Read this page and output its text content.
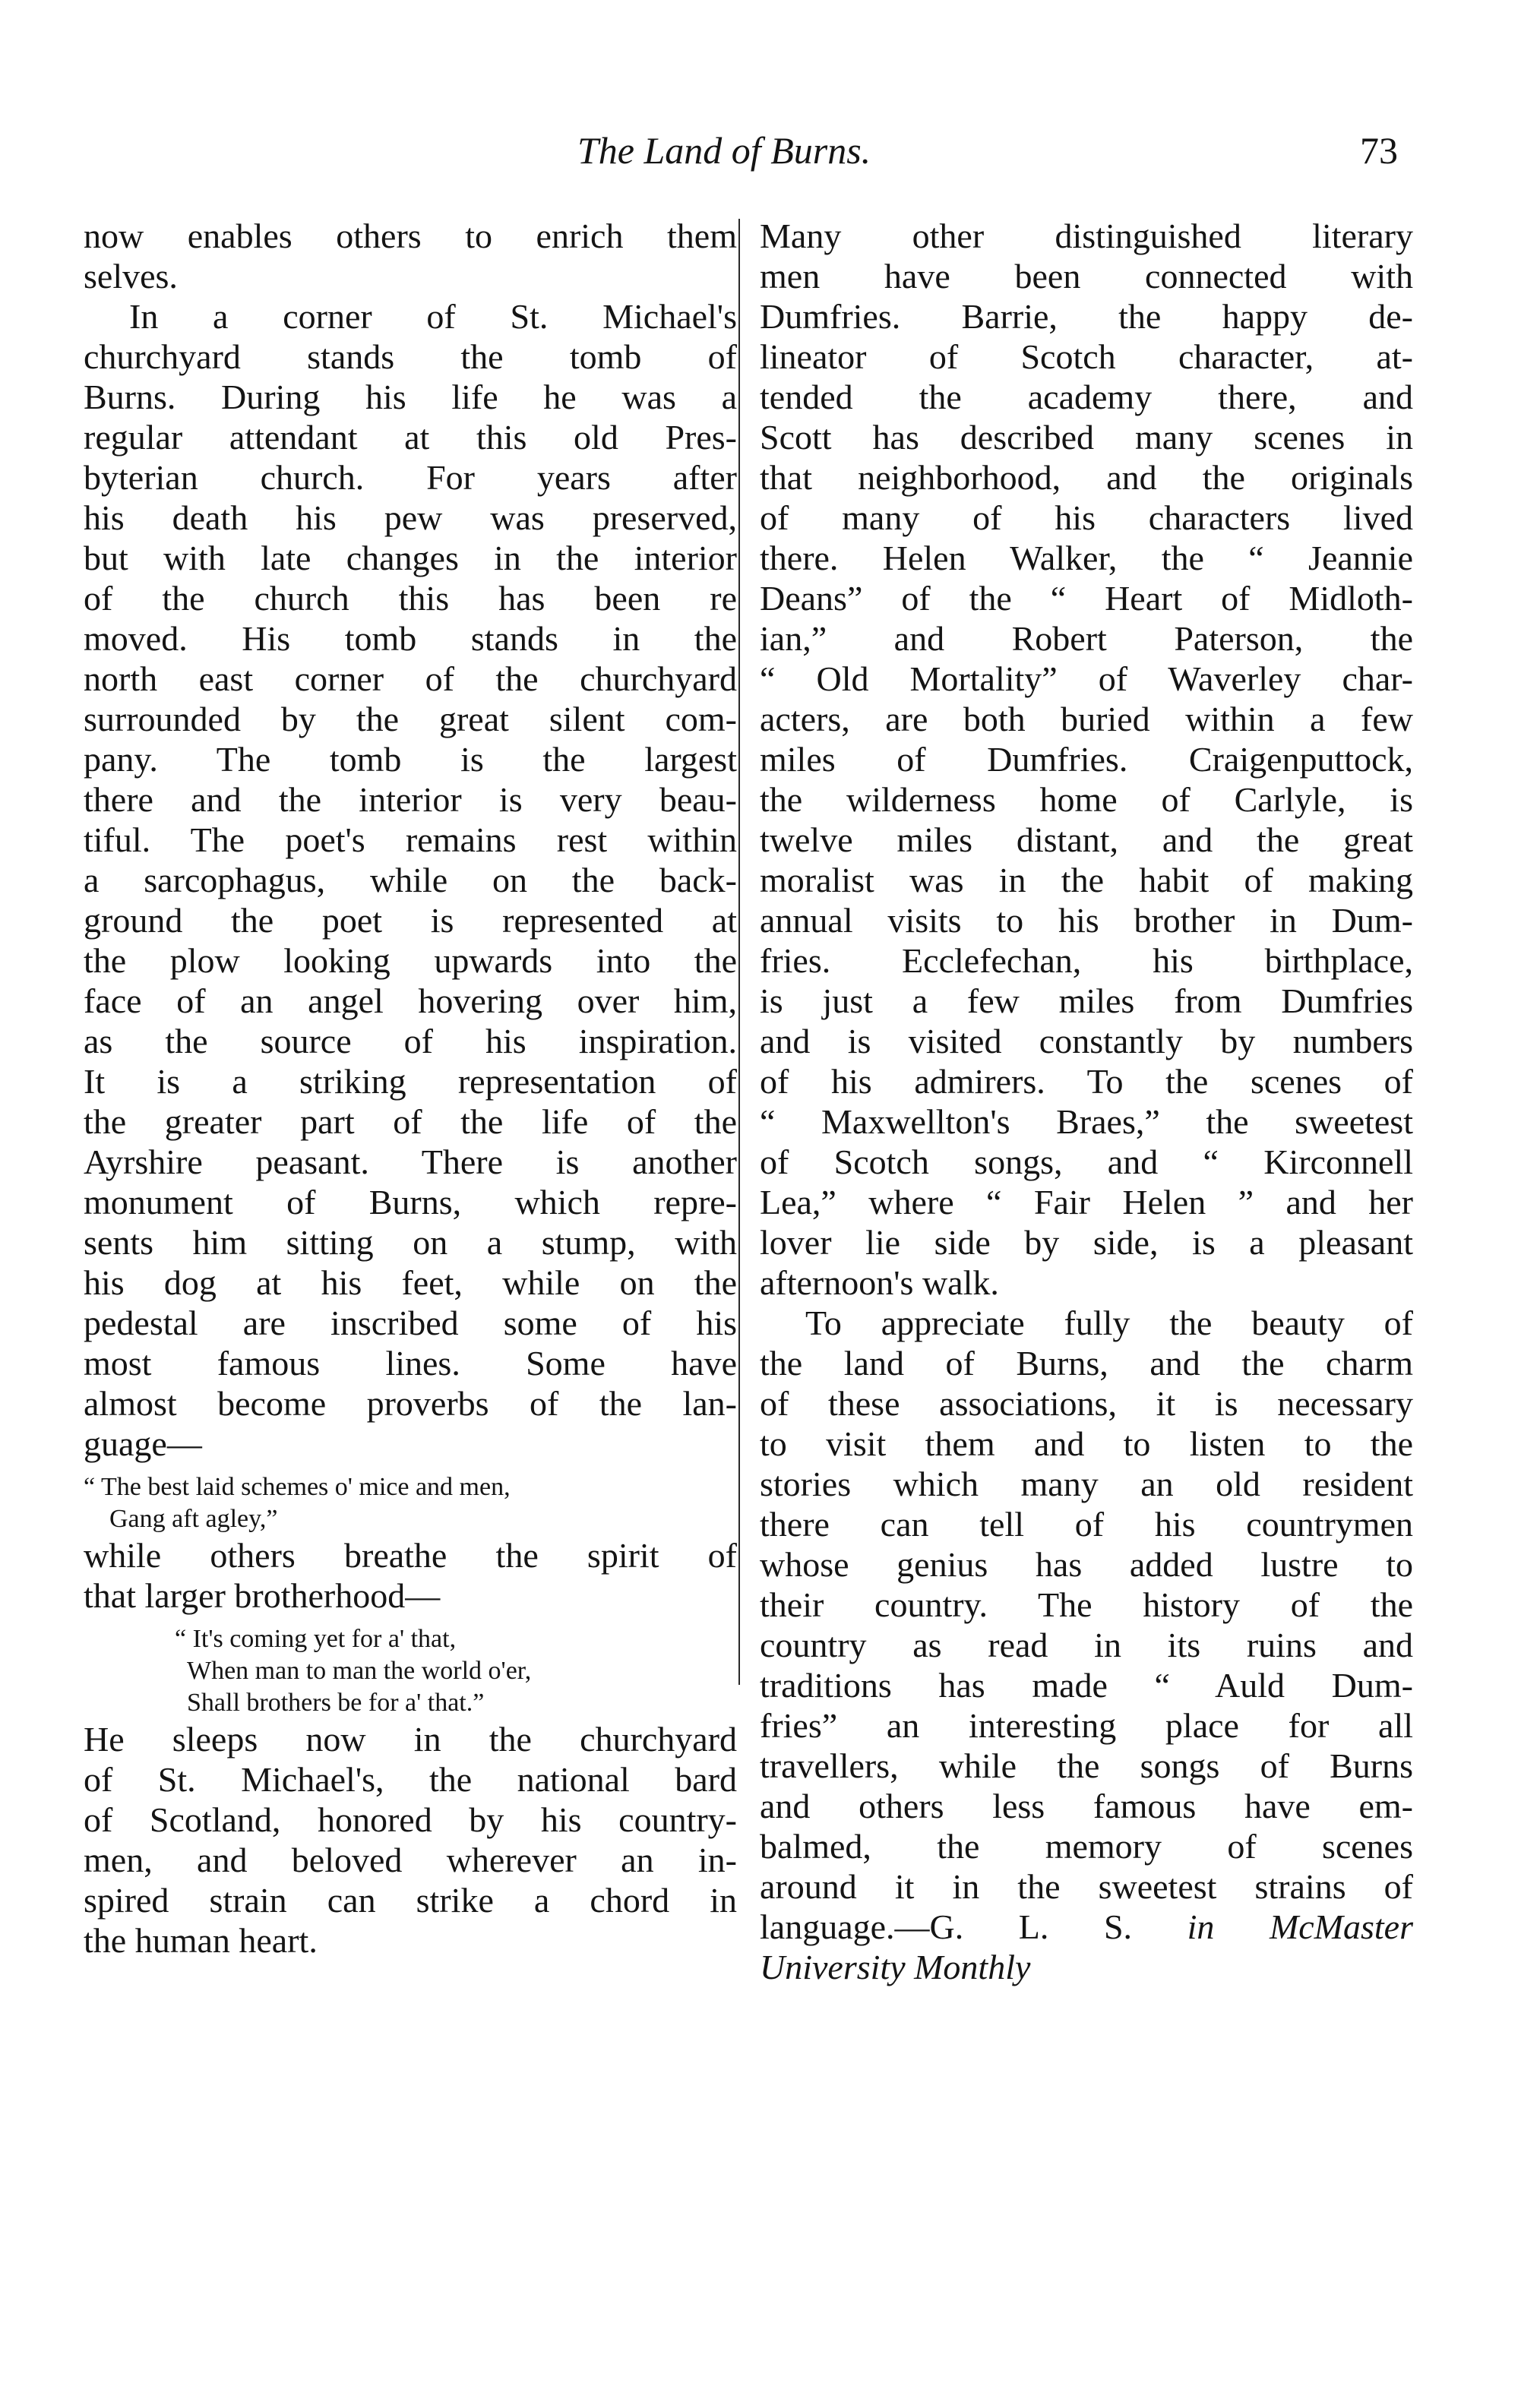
The Land of Burns.	73
now enables others to enrich them
selves.
In a corner of St. Michael's
churchyard stands the tomb of
Burns. During his life he was a
regular attendant at this old Pres-
byterian church. For years after
his death his pew was preserved,
but with late changes in the interior
of the church this has been re
moved. His tomb stands in the
north east corner of the churchyard
surrounded by the great silent com-
pany. The tomb is the largest
there and the interior is very beau-
tiful. The poet's remains rest within
a sarcophagus, while on the back-
ground the poet is represented at
the plow looking upwards into the
face of an angel hovering over him,
as the source of his inspiration.
It is a striking representation of
the greater part of the life of the
Ayrshire peasant. There is another
monument of Burns, which repre-
sents him sitting on a stump, with
his dog at his feet, while on the
pedestal are inscribed some of his
most famous lines. Some have
almost become proverbs of the lan-
guage—
“ The best laid schemes o' mice and men,
Gang aft agley,”
while others breathe the spirit of
that larger brotherhood—
“ It's coming yet for a' that,
When man to man the world o'er,
Shall brothers be for a' that.”
He sleeps now in the churchyard
of St. Michael's, the national bard
of Scotland, honored by his country-
men, and beloved wherever an in-
spired strain can strike a chord in
the human heart.
Many other distinguished literary
men have been connected with
Dumfries. Barrie, the happy de-
lineator of Scotch character, at-
tended the academy there, and
Scott has described many scenes in
that neighborhood, and the originals
of many of his characters lived
there. Helen Walker, the “ Jeannie
Deans” of the “ Heart of Midloth-
ian,” and Robert Paterson, the
“ Old Mortality” of Waverley char-
acters, are both buried within a few
miles of Dumfries. Craigenputtock,
the wilderness home of Carlyle, is
twelve miles distant, and the great
moralist was in the habit of making
annual visits to his brother in Dum-
fries. Ecclefechan, his birthplace,
is just a few miles from Dumfries
and is visited constantly by numbers
of his admirers. To the scenes of
“ Maxwellton's Braes,” the sweetest
of Scotch songs, and “ Kirconnell
Lea,” where “ Fair Helen ” and her
lover lie side by side, is a pleasant
afternoon's walk.
To appreciate fully the beauty of
the land of Burns, and the charm
of these associations, it is necessary
to visit them and to listen to the
stories which many an old resident
there can tell of his countrymen
whose genius has added lustre to
their country. The history of the
country as read in its ruins and
traditions has made “ Auld Dum-
fries” an interesting place for all
travellers, while the songs of Burns
and others less famous have em-
balmed, the memory of scenes
around it in the sweetest strains of
language.—G. L. S. in McMaster
University Monthly
